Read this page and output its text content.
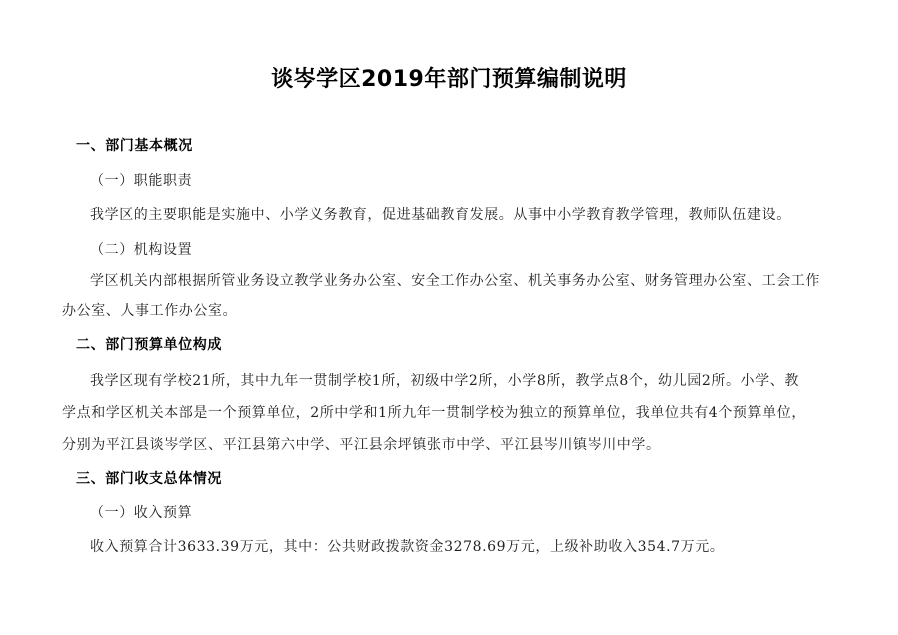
谈岑学区2019年部门预算编制说明
一、部门基本概况
（一）职能职责
我学区的主要职能是实施中、小学义务教育，促进基础教育发展。从事中小学教育教学管理，教师队伍建设。
（二）机构设置
学区机关内部根据所管业务设立教学业务办公室、安全工作办公室、机关事务办公室、财务管理办公室、工会工作
办公室、人事工作办公室。
二、部门预算单位构成
我学区现有学校21所，其中九年一贯制学校1所，初级中学2所，小学8所，教学点8个，幼儿园2所。小学、教
学点和学区机关本部是一个预算单位，2所中学和1所九年一贯制学校为独立的预算单位，我单位共有4个预算单位，
分别为平江县谈岑学区、平江县第六中学、平江县余坪镇张市中学、平江县岑川镇岑川中学。
三、部门收支总体情况
（一）收入预算
收入预算合计3633.39万元，其中：公共财政拨款资金3278.69万元，上级补助收入354.7万元。
